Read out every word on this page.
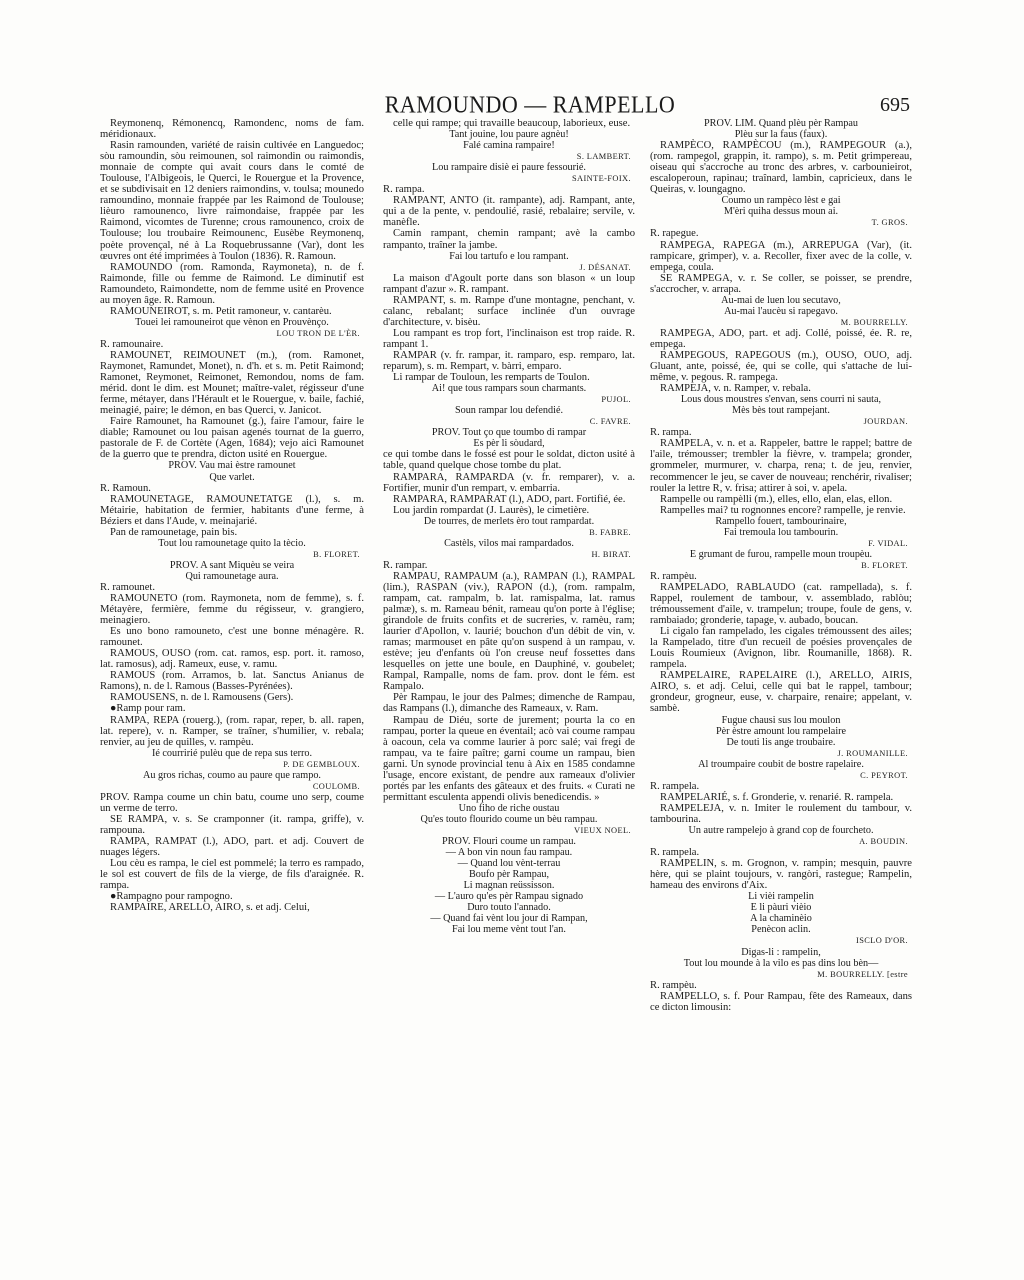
RAMOUNDO — RAMPELLO	695
Reymonenq, Rémonencq, Ramondenc, noms de fam. méridionaux.
Rasin ramounden, variété de raisin cultivée en Languedoc; sòu ramoundin, sòu reimounen, sol raimondin ou raimondis, monnaie de compte qui avait cours dans le comté de Toulouse, l'Albigeois, le Querci, le Rouergue et la Provence, et se subdivisait en 12 deniers raimondins, v. toulsa; mounedo ramoundino, monnaie frappée par les Raimond de Toulouse; lièuro ramounenco, livre raimondaise, frappée par les Raimond, vicomtes de Turenne; crous ramounenco, croix de Toulouse; lou troubaire Reimounenc, Eusèbe Reymonenq, poète provençal, né à La Roquebrussanne (Var), dont les œuvres ont été imprimées à Toulon (1836). R. Ramoun.
RAMOUNDO (rom. Ramonda, Raymoneta), n. de f. Raimonde, fille ou femme de Raimond. Le diminutif est Ramoundeto, Raimondette, nom de femme usité en Provence au moyen âge. R. Ramoun.
RAMOUNEIROT, s. m. Petit ramoneur, v. cantarèu.
Touei lei ramouneirot que vènon en Prouvènço.
LOU TRON DE L'ÈR.
R. ramounaire.
RAMOUNET, REIMOUNET (m.), (rom. Ramonet, Raymonet, Ramundet, Monet), n. d'h. et s. m. Petit Raimond; Ramonet, Reymonet, Reimonet, Remondou, noms de fam. mérid. dont le dim. est Mounet; maître-valet, régisseur d'une ferme, métayer, dans l'Hérault et le Rouergue, v. baile, fachié, meinagié, paire; le démon, en bas Querci, v. Janicot.
Faire Ramounet, ha Ramounet (g.), faire l'amour, faire le diable; Ramounet ou lou paisan agenés tournat de la guerro, pastorale de F. de Cortète (Agen, 1684); vejo aicì Ramounet de la guerro que te prendra, dicton usité en Rouergue.
PROV. Vau mai èstre ramounet
Que varlet.
R. Ramoun.
RAMOUNETAGE, RAMOUNETATGE (l.), s. m. Métairie, habitation de fermier, habitants d'une ferme, à Béziers et dans l'Aude, v. meinajarié.
Pan de ramounetage, pain bis.
Tout lou ramounetage quito la tècio.
B. FLORET.
PROV. A sant Miquèu se veira
Qui ramounetage aura.
R. ramounet.
RAMOUNETO (rom. Raymoneta, nom de femme), s. f. Métayère, fermière, femme du régisseur, v. grangiero, meinagiero.
Es uno bono ramouneto, c'est une bonne ménagère. R. ramounet.
RAMOUS, OUSO (rom. cat. ramos, esp. port. it. ramoso, lat. ramosus), adj. Rameux, euse, v. ramu.
RAMOUS (rom. Arramos, b. lat. Sanctus Anianus de Ramons), n. de l. Ramous (Basses-Pyrénées).
RAMOUSENS, n. de l. Ramousens (Gers).
●Ramp pour ram.
RAMPA, REPA (rouerg.), (rom. rapar, reper, b. all. rapen, lat. repere), v. n. Ramper, se traîner, s'humilier, v. rebala; renvier, au jeu de quilles, v. rampèu.
Ié courririé pulèu que de repa sus terro.
P. DE GEMBLOUX.
Au gros richas, coumo au paure que rampo.
COULOMB.
PROV. Rampa coume un chin batu, coume uno serp, coume un verme de terro.
SE RAMPA, v. s. Se cramponner (it. rampa, griffe), v. rampouna.
RAMPA, RAMPAT (l.), ADO, part. et adj. Couvert de nuages légers.
Lou cèu es rampa, le ciel est pommelé; la terro es rampado, le sol est couvert de fils de la vierge, de fils d'araignée. R. rampa.
●Rampagno pour rampogno.
RAMPAIRE, ARELLO, AIRO, s. et adj. Celui,
celle qui rampe; qui travaille beaucoup, laborieux, euse.
Tant jouine, lou paure agnèu!
Falé camina rampaire!
S. LAMBERT.
Lou rampaire disiè ei paure fessourié.
SAINTE-FOIX.
R. rampa.
RAMPANT, ANTO (it. rampante), adj. Rampant, ante, qui a de la pente, v. pendoulié, rasié, rebalaire; servile, v. manèfle.
Camin rampant, chemin rampant; avè la cambo rampanto, traîner la jambe.
Fai lou tartufo e lou rampant.
J. DÉSANAT.
La maison d'Agoult porte dans son blason « un loup rampant d'azur ». R. rampant.
RAMPANT, s. m. Rampe d'une montagne, penchant, v. calanc, rebalant; surface inclinée d'un ouvrage d'architecture, v. bisèu.
Lou rampant es trop fort, l'inclinaison est trop raide. R. rampant 1.
RAMPAR (v. fr. rampar, it. ramparo, esp. remparo, lat. reparum), s. m. Rempart, v. bàrri, emparo.
Li rampar de Touloun, les remparts de Toulon.
Ai! que tous rampars soun charmants.
PUJOL.
Soun rampar lou defendié.
C. FAVRE.
PROV. Tout ço que toumbo di rampar
Es pèr li sòudard,
ce qui tombe dans le fossé est pour le soldat, dicton usité à table, quand quelque chose tombe du plat.
RAMPARA, RAMPARDA (v. fr. remparer), v. a. Fortifier, munir d'un rempart, v. embarria.
RAMPARA, RAMPARAT (l.), ADO, part. Fortifié, ée.
Lou jardin rompardat (J. Laurès), le cimetière.
De tourres, de merlets èro tout rampardat.
B. FABRE.
Castèls, vilos mai rampardados.
H. BIRAT.
R. rampar.
RAMPAU, RAMPAUM (a.), RAMPAN (l.), RAMPAL (lim.), RASPAN (viv.), RAPON (d.), (rom. rampalm, rampam, cat. rampalm, b. lat. ramispalma, lat. ramus palmæ), s. m. Rameau bénit, rameau qu'on porte à l'église; girandole de fruits confits et de sucreries, v. ramèu, ram; laurier d'Apollon, v. laurié; bouchon d'un débit de vin, v. ramas; marmouset en pâte qu'on suspend à un rampau, v. estève; jeu d'enfants où l'on creuse neuf fossettes dans lesquelles on jette une boule, en Dauphiné, v. goubelet; Rampal, Rampalle, noms de fam. prov. dont le fém. est Rampalo.
Pèr Rampau, le jour des Palmes; dimenche de Rampau, das Rampans (l.), dimanche des Rameaux, v. Ram.
Rampau de Diéu, sorte de jurement; pourta la co en rampau, porter la queue en éventail; acò vai coume rampau à oacoun, cela va comme laurier à porc salé; vai fregi de rampau, va te faire paître; garni coume un rampau, bien garni. Un synode provincial tenu à Aix en 1585 condamne l'usage, encore existant, de pendre aux rameaux d'olivier portés par les enfants des gâteaux et des fruits. « Curati ne permittant esculenta appendi olivis benedicendis. »
Uno fiho de riche oustau
Qu'es touto flourido coume un bèu rampau.
VIEUX NOEL.
PROV. Flouri coume un rampau.
— A bon vin noun fau rampau.
— Quand lou vènt-terrau
Boufo pèr Rampau,
Li magnan reüssisson.
— L'auro qu'es pèr Rampau signado
Duro touto l'annado.
— Quand fai vènt lou jour di Rampan,
Fai lou meme vènt tout l'an.
PROV. LIM. Quand plèu pèr Rampau
Plèu sur la faus (faux).
RAMPÈCO, RAMPÈCOU (m.), RAMPEGOUR (a.), (rom. rampegol, grappin, it. rampo), s. m. Petit grimpereau, oiseau qui s'accroche au tronc des arbres, v. carbounieirot, escaloperoun, rapinau; traînard, lambin, capricieux, dans le Queiras, v. loungagno.
Coumo un rampèco lèst e gai
M'èri quiha dessus moun ai.
T. GROS.
R. rapegue.
RAMPEGA, RAPEGA (m.), ARREPUGA (Var), (it. rampicare, grimper), v. a. Recoller, fixer avec de la colle, v. empega, coula.
SE RAMPEGA, v. r. Se coller, se poisser, se prendre, s'accrocher, v. arrapa.
Au-mai de luen lou secutavo,
Au-mai l'aucèu si rapegavo.
M. BOURRELLY.
RAMPEGA, ADO, part. et adj. Collé, poissé, ée. R. re, empega.
RAMPEGOUS, RAPEGOUS (m.), OUSO, OUO, adj. Gluant, ante, poissé, ée, qui se colle, qui s'attache de lui-même, v. pegous. R. rampega.
RAMPEJA, v. n. Ramper, v. rebala.
Lous dous moustres s'envan, sens courri ni sauta,
Mès bès tout rampejant.
JOURDAN.
R. rampa.
RAMPELA, v. n. et a. Rappeler, battre le rappel; battre de l'aile, trémousser; trembler la fièvre, v. trampela; gronder, grommeler, murmurer, v. charpa, rena; t. de jeu, renvier, recommencer le jeu, se caver de nouveau; renchérir, rivaliser; rouler la lettre R, v. frisa; attirer à soi, v. apela.
Rampelle ou rampèlli (m.), elles, ello, elan, elas, ellon.
Rampelles mai? tu rognonnes encore? rampelle, je renvie.
Rampello fouert, tambourinaire,
Fai tremoula lou tambourin.
F. VIDAL.
E grumant de furou, rampelle moun troupèu.
B. FLORET.
R. rampèu.
RAMPELADO, RABLAUDO (cat. rampellada), s. f. Rappel, roulement de tambour, v. assemblado, rablòu; trémoussement d'aile, v. trampelun; troupe, foule de gens, v. rambaiado; gronderie, tapage, v. aubado, boucan.
Li cigalo fan rampelado, les cigales trémoussent des ailes; la Rampelado, titre d'un recueil de poésies provençales de Louis Roumieux (Avignon, libr. Roumanille, 1868). R. rampela.
RAMPELAIRE, RAPELAIRE (l.), ARELLO, AIRIS, AIRO, s. et adj. Celui, celle qui bat le rappel, tambour; grondeur, grogneur, euse, v. charpaire, renaire; appelant, v. sambè.
Fugue chausi sus lou moulon
Pèr èstre amount lou rampelaire
De touti lis ange troubaire.
J. ROUMANILLE.
Al troumpaire coubit de bostre rapelaire.
C. PEYROT.
R. rampela.
RAMPELARIÉ, s. f. Gronderie, v. renarié. R. rampela.
RAMPELEJA, v. n. Imiter le roulement du tambour, v. tambourina.
Un autre rampelejo à grand cop de fourcheto.
A. BOUDIN.
R. rampela.
RAMPELIN, s. m. Grognon, v. rampin; mesquin, pauvre hère, qui se plaint toujours, v. rangòri, rastegue; Rampelin, hameau des environs d'Aix.
Li vièi rampelin
E li pàuri vièio
A la chaminèio
Penècon aclin.
ISCLO D'OR.
Digas-li : rampelin,
Tout lou mounde à la vilo es pas dins lou bèn—
M. BOURRELLY. [estre
R. rampèu.
RAMPELLO, s. f. Pour Rampau, fête des Rameaux, dans ce dicton limousin:
